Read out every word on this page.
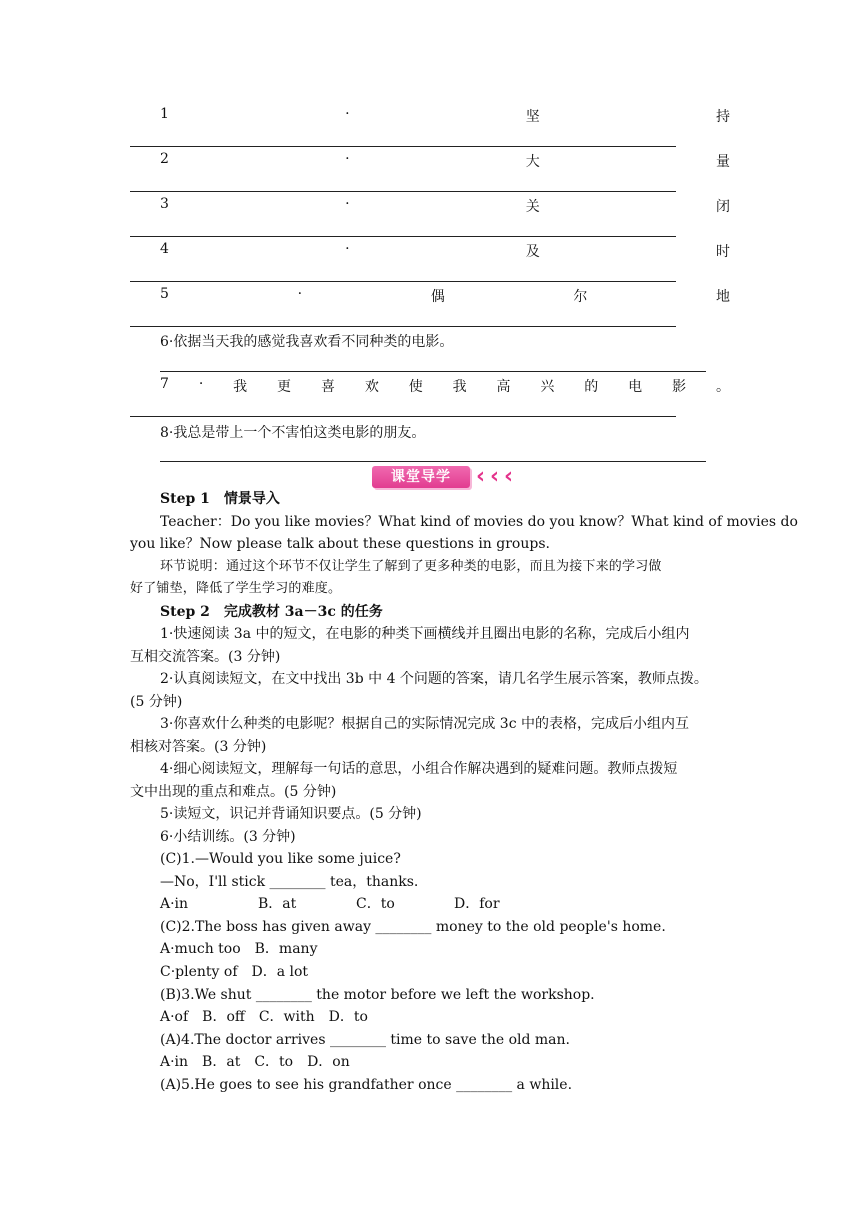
1	·	坚	持
2	·	大	量
3	·	关	闭
4	·	及	时
5	·	偶	尔	地
6·依据当天我的感觉我喜欢看不同种类的电影。
7 · 我 更 喜 欢 使 我 高 兴 的 电 影 。
8·我总是带上一个不害怕这类电影的朋友。
课堂导学	‹ ‹ ‹
Step 1　情景导入
Teacher：Do you like movies？What kind of movies do you know？What kind of movies do
you like？Now please talk about these questions in groups.
环节说明：通过这个环节不仅让学生了解到了更多种类的电影，而且为接下来的学习做
好了铺垫，降低了学生学习的难度。
Step 2　完成教材 3a－3c 的任务
1·快速阅读 3a 中的短文，在电影的种类下画横线并且圈出电影的名称，完成后小组内
互相交流答案。(3 分钟)
2·认真阅读短文，在文中找出 3b 中 4 个问题的答案，请几名学生展示答案，教师点拨。
(5 分钟)
3·你喜欢什么种类的电影呢？根据自己的实际情况完成 3c 中的表格，完成后小组内互
相核对答案。(3 分钟)
4·细心阅读短文，理解每一句话的意思，小组合作解决遇到的疑难问题。教师点拨短
文中出现的重点和难点。(5 分钟)
5·读短文，识记并背诵知识要点。(5 分钟)
6·小结训练。(3 分钟)
(C)1.—Would you like some juice?
—No，I'll stick ________ tea，thanks.
A·in	B．at	C．to	D．for
(C)2.The boss has given away ________ money to the old people's home.
A·much too　B．many
C·plenty of　D．a lot
(B)3.We shut ________ the motor before we left the workshop.
A·of　B．off　C．with　D．to
(A)4.The doctor arrives ________ time to save the old man.
A·in　B．at　C．to　D．on
(A)5.He goes to see his grandfather once ________ a while.
